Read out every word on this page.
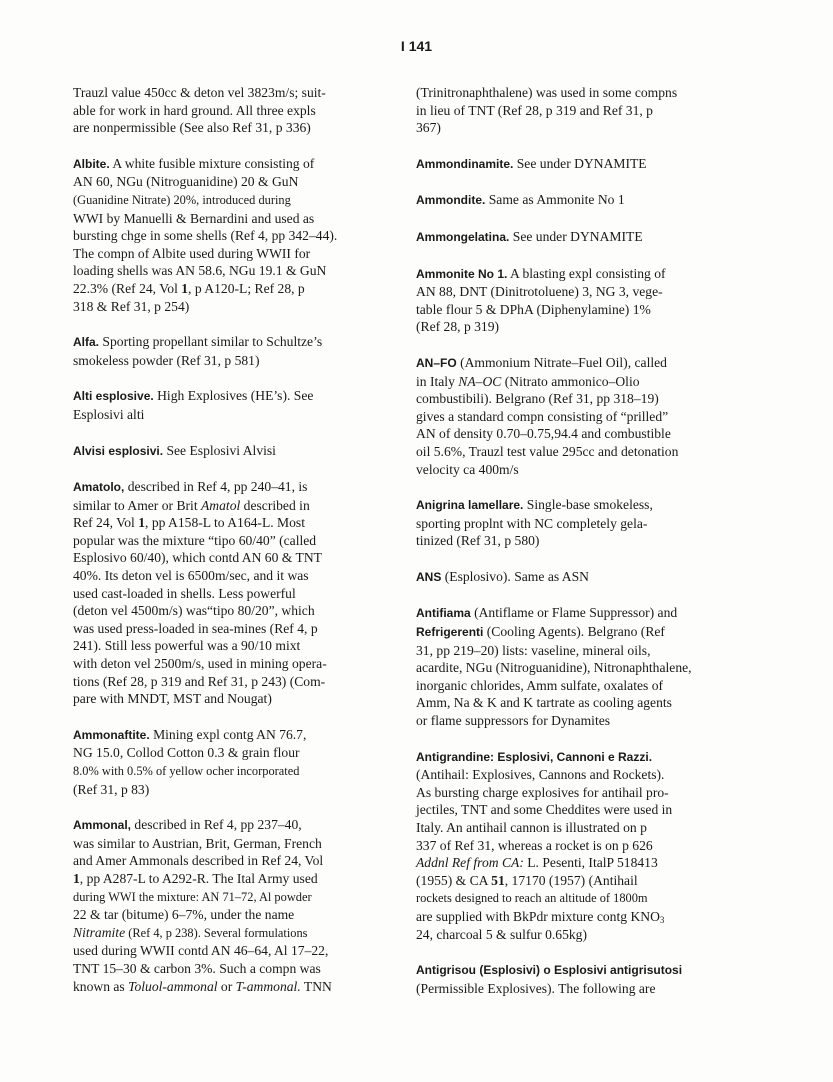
I 141
Trauzl value 450cc & deton vel 3823m/s; suit-
able for work in hard ground. All three expls
are nonpermissible (See also Ref 31, p 336)
Albite. A white fusible mixture consisting of
AN 60, NGu (Nitroguanidine) 20 & GuN
(Guanidine Nitrate) 20%, introduced during
WWI by Manuelli & Bernardini and used as
bursting chge in some shells (Ref 4, pp 342–44).
The compn of Albite used during WWII for
loading shells was AN 58.6, NGu 19.1 & GuN
22.3% (Ref 24, Vol 1, p A120-L; Ref 28, p
318 & Ref 31, p 254)
Alfa. Sporting propellant similar to Schultze’s
smokeless powder (Ref 31, p 581)
Alti esplosive. High Explosives (HE’s). See
Esplosivi alti
Alvisi esplosivi. See Esplosivi Alvisi
Amatolo, described in Ref 4, pp 240–41, is
similar to Amer or Brit Amatol described in
Ref 24, Vol 1, pp A158-L to A164-L. Most
popular was the mixture “tipo 60/40” (called
Esplosivo 60/40), which contd AN 60 & TNT
40%. Its deton vel is 6500m/sec, and it was
used cast-loaded in shells. Less powerful
(deton vel 4500m/s) was“tipo 80/20”, which
was used press-loaded in sea-mines (Ref 4, p
241). Still less powerful was a 90/10 mixt
with deton vel 2500m/s, used in mining opera-
tions (Ref 28, p 319 and Ref 31, p 243) (Com-
pare with MNDT, MST and Nougat)
Ammonaftite. Mining expl contg AN 76.7,
NG 15.0, Collod Cotton 0.3 & grain flour
8.0% with 0.5% of yellow ocher incorporated
(Ref 31, p 83)
Ammonal, described in Ref 4, pp 237–40,
was similar to Austrian, Brit, German, French
and Amer Ammonals described in Ref 24, Vol
1, pp A287-L to A292-R. The Ital Army used
during WWI the mixture: AN 71–72, Al powder
22 & tar (bitume) 6–7%, under the name
Nitramite (Ref 4, p 238). Several formulations
used during WWII contd AN 46–64, Al 17–22,
TNT 15–30 & carbon 3%. Such a compn was
known as Toluol-ammonal or T-ammonal. TNN
(Trinitronaphthalene) was used in some compns
in lieu of TNT (Ref 28, p 319 and Ref 31, p
367)
Ammondinamite. See under DYNAMITE
Ammondite. Same as Ammonite No 1
Ammongelatina. See under DYNAMITE
Ammonite No 1. A blasting expl consisting of
AN 88, DNT (Dinitrotoluene) 3, NG 3, vege-
table flour 5 & DPhA (Diphenylamine) 1%
(Ref 28, p 319)
AN–FO (Ammonium Nitrate–Fuel Oil), called
in Italy NA–OC (Nitrato ammonico–Olio
combustibili). Belgrano (Ref 31, pp 318–19)
gives a standard compn consisting of “prilled”
AN of density 0.70–0.75,94.4 and combustible
oil 5.6%, Trauzl test value 295cc and detonation
velocity ca 400m/s
Anigrina lamellare. Single-base smokeless,
sporting proplnt with NC completely gela-
tinized (Ref 31, p 580)
ANS (Esplosivo). Same as ASN
Antifiama (Antiflame or Flame Suppressor) and
Refrigerenti (Cooling Agents). Belgrano (Ref
31, pp 219–20) lists: vaseline, mineral oils,
acardite, NGu (Nitroguanidine), Nitronaphthalene,
inorganic chlorides, Amm sulfate, oxalates of
Amm, Na & K and K tartrate as cooling agents
or flame suppressors for Dynamites
Antigrandine: Esplosivi, Cannoni e Razzi.
(Antihail: Explosives, Cannons and Rockets).
As bursting charge explosives for antihail pro-
jectiles, TNT and some Cheddites were used in
Italy. An antihail cannon is illustrated on p
337 of Ref 31, whereas a rocket is on p 626
Addnl Ref from CA: L. Pesenti, ItalP 518413
(1955) & CA 51, 17170 (1957) (Antihail
rockets designed to reach an altitude of 1800m
are supplied with BkPdr mixture contg $KNO_3$
24, charcoal 5 & sulfur 0.65kg)
Antigrisou (Esplosivi) o Esplosivi antigrisutosi
(Permissible Explosives). The following are
